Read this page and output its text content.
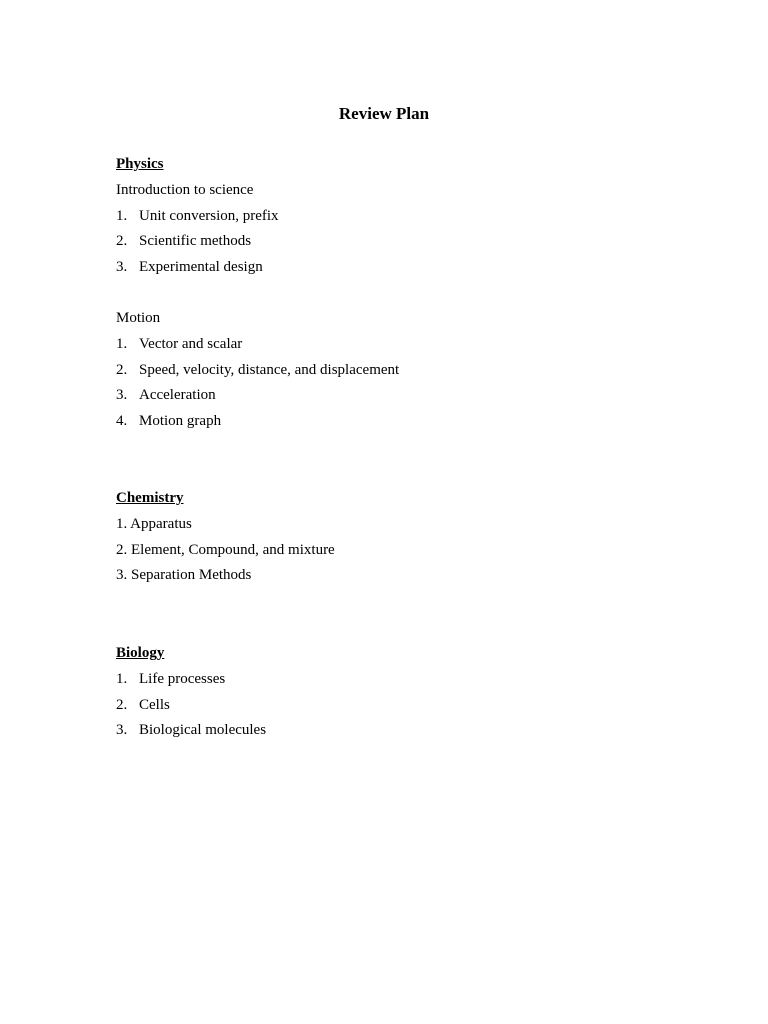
Review Plan
Physics
Introduction to science
1. Unit conversion, prefix
2. Scientific methods
3. Experimental design
Motion
1. Vector and scalar
2. Speed, velocity, distance, and displacement
3. Acceleration
4. Motion graph
Chemistry
1. Apparatus
2. Element, Compound, and mixture
3. Separation Methods
Biology
1. Life processes
2. Cells
3. Biological molecules
